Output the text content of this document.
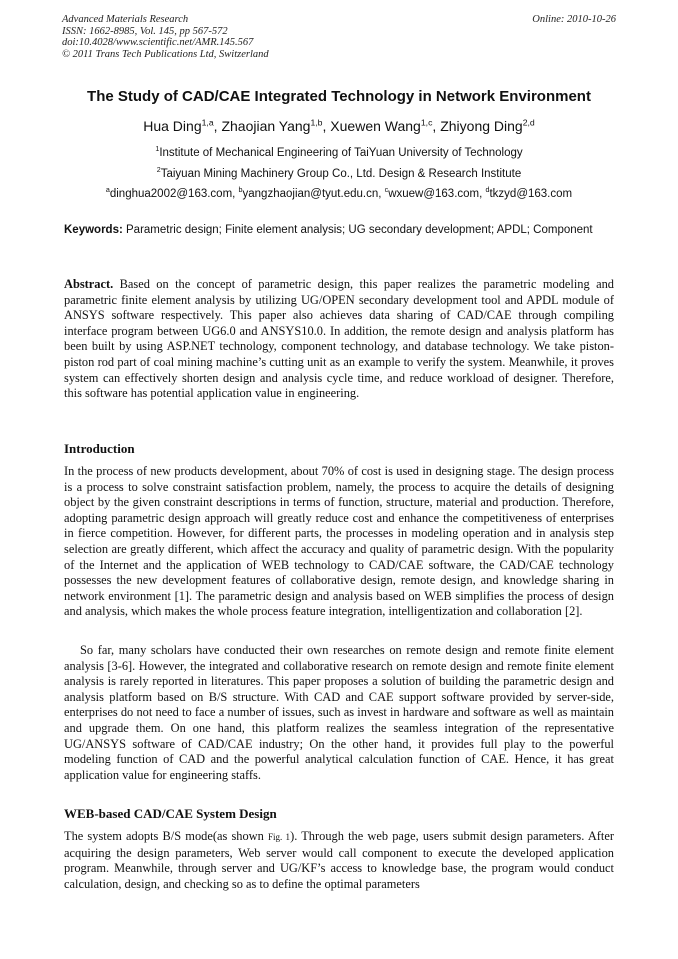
Advanced Materials Research
ISSN: 1662-8985, Vol. 145, pp 567-572
doi:10.4028/www.scientific.net/AMR.145.567
© 2011 Trans Tech Publications Ltd, Switzerland
Online: 2010-10-26
The Study of CAD/CAE Integrated Technology in Network Environment
Hua Ding$^{1,a}$, Zhaojian Yang$^{1,b}$, Xuewen Wang$^{1,c}$, Zhiyong Ding$^{2,d}$
$^1$Institute of Mechanical Engineering of TaiYuan University of Technology
$^2$Taiyuan Mining Machinery Group Co., Ltd. Design & Research Institute
$^a$dinghua2002@163.com, $^b$yangzhaojian@tyut.edu.cn, $^c$wxuew@163.com, $^d$tkzyd@163.com

Keywords: Parametric design; Finite element analysis; UG secondary development; APDL; Component

Abstract. Based on the concept of parametric design, this paper realizes the parametric modeling and parametric finite element analysis by utilizing UG/OPEN secondary development tool and APDL module of ANSYS software respectively. This paper also achieves data sharing of CAD/CAE through compiling interface program between UG6.0 and ANSYS10.0. In addition, the remote design and analysis platform has been built by using ASP.NET technology, component technology, and database technology. We take piston-piston rod part of coal mining machine’s cutting unit as an example to verify the system. Meanwhile, it proves system can effectively shorten design and analysis cycle time, and reduce workload of designer. Therefore, this software has potential application value in engineering.

Introduction

In the process of new products development, about 70% of cost is used in designing stage. The design process is a process to solve constraint satisfaction problem, namely, the process to acquire the details of designing object by the given constraint descriptions in terms of function, structure, material and production. Therefore, adopting parametric design approach will greatly reduce cost and enhance the competitiveness of enterprises in fierce competition. However, for different parts, the processes in modeling operation and in analysis step selection are greatly different, which affect the accuracy and quality of parametric design. With the popularity of the Internet and the application of WEB technology to CAD/CAE software, the CAD/CAE technology possesses the new development features of collaborative design, remote design, and knowledge sharing in network environment [1]. The parametric design and analysis based on WEB simplifies the process of design and analysis, which makes the whole process feature integration, intelligentization and collaboration [2].

So far, many scholars have conducted their own researches on remote design and remote finite element analysis [3-6]. However, the integrated and collaborative research on remote design and remote finite element analysis is rarely reported in literatures. This paper proposes a solution of building the parametric design and analysis platform based on B/S structure. With CAD and CAE support software provided by server-side, enterprises do not need to face a number of issues, such as invest in hardware and software as well as maintain and upgrade them. On one hand, this platform realizes the seamless integration of the representative UG/ANSYS software of CAD/CAE industry; On the other hand, it provides full play to the powerful modeling function of CAD and the powerful analytical calculation function of CAE. Hence, it has great application value for engineering staffs.

WEB-based CAD/CAE System Design

The system adopts B/S mode(as shown Fig. 1). Through the web page, users submit design parameters. After acquiring the design parameters, Web server would call component to execute the developed application program. Meanwhile, through server and UG/KF’s access to knowledge base, the program would conduct calculation, design, and checking so as to define the optimal parameters
